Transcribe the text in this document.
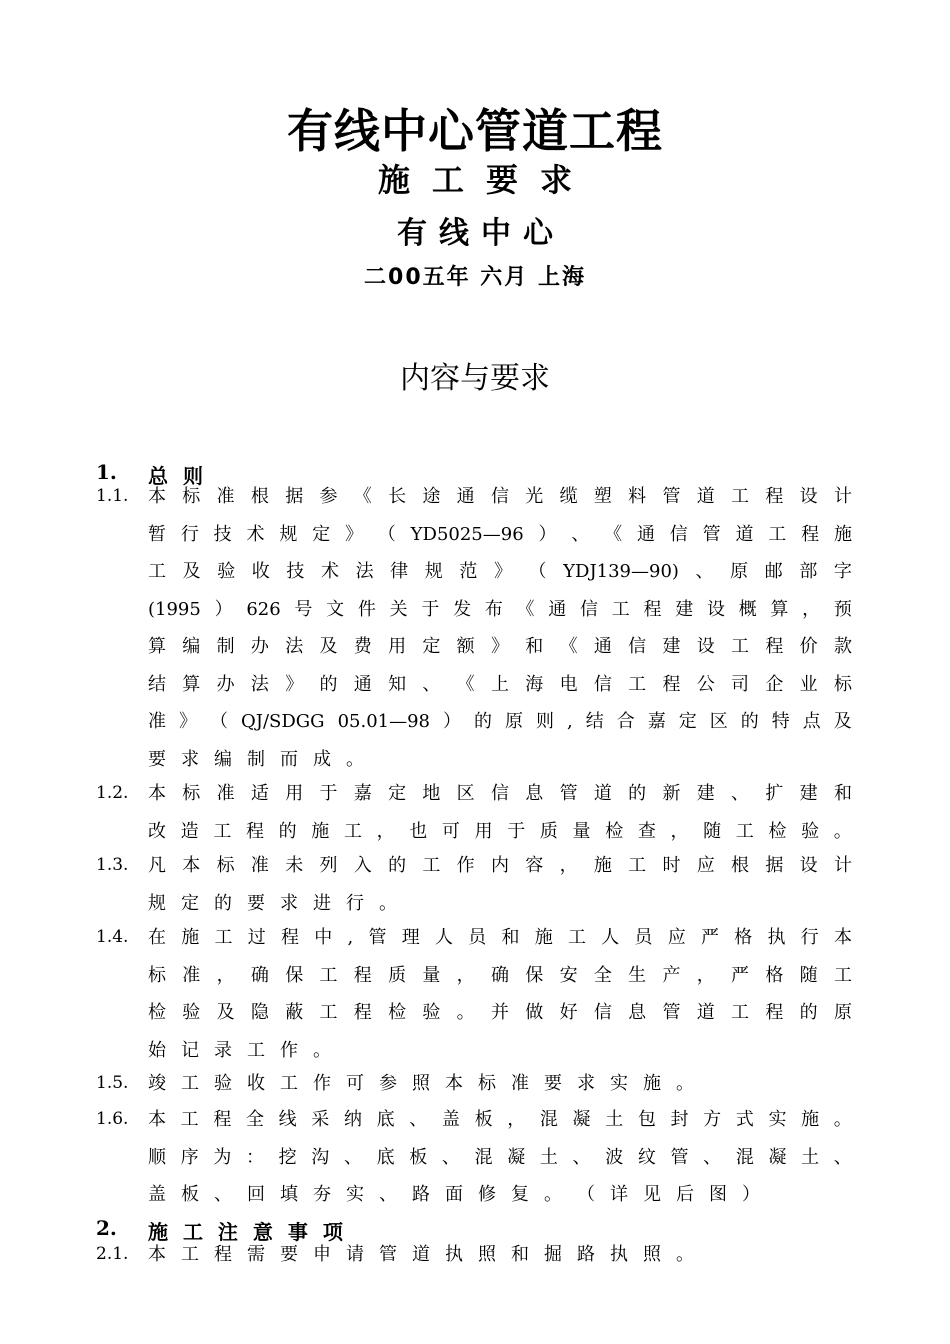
有线中心管道工程
施工要求
有线中心
二00五年 六月 上海
内容与要求
1. 总 则
1.1. 本 标 准 根 据 参 《 长 途 通 信 光 缆 塑 料 管 道 工 程 设 计
暂 行 技 术 规 定 》 （ YD5025—96 ） 、 《 通 信 管 道 工 程 施
工 及 验 收 技 术 法 律 规 范 》 （ YDJ139—90) 、 原 邮 部 字
(1995 ） 626 号 文 件 关 于 发 布 《 通 信 工 程 建 设 概 算 ， 预
算 编 制 办 法 及 费 用 定 额 》 和 《 通 信 建 设 工 程 价 款
结 算 办 法 》 的 通 知 、 《 上 海 电 信 工 程 公 司 企 业 标
准 》 （ QJ/SDGG 05.01—98 ） 的 原 则 , 结 合 嘉 定 区 的 特 点 及
要 求 编 制 而 成 。
1.2. 本 标 准 适 用 于 嘉 定 地 区 信 息 管 道 的 新 建 、 扩 建 和
改 造 工 程 的 施 工 ， 也 可 用 于 质 量 检 查 ， 随 工 检 验 。
1.3. 凡 本 标 准 未 列 入 的 工 作 内 容 ， 施 工 时 应 根 据 设 计
规 定 的 要 求 进 行 。
1.4. 在 施 工 过 程 中 , 管 理 人 员 和 施 工 人 员 应 严 格 执 行 本
标 准 ， 确 保 工 程 质 量 ， 确 保 安 全 生 产 ， 严 格 随 工
检 验 及 隐 蔽 工 程 检 验 。 并 做 好 信 息 管 道 工 程 的 原
始 记 录 工 作 。
1.5. 竣 工 验 收 工 作 可 参 照 本 标 准 要 求 实 施 。
1.6. 本 工 程 全 线 采 纳 底 、 盖 板 ， 混 凝 土 包 封 方 式 实 施 。
顺 序 为 ： 挖 沟 、 底 板 、 混 凝 土 、 波 纹 管 、 混 凝 土 、
盖 板 、 回 填 夯 实 、 路 面 修 复 。 （ 详 见 后 图 ）
2. 施 工 注 意 事 项
2.1. 本 工 程 需 要 申 请 管 道 执 照 和 掘 路 执 照 。
